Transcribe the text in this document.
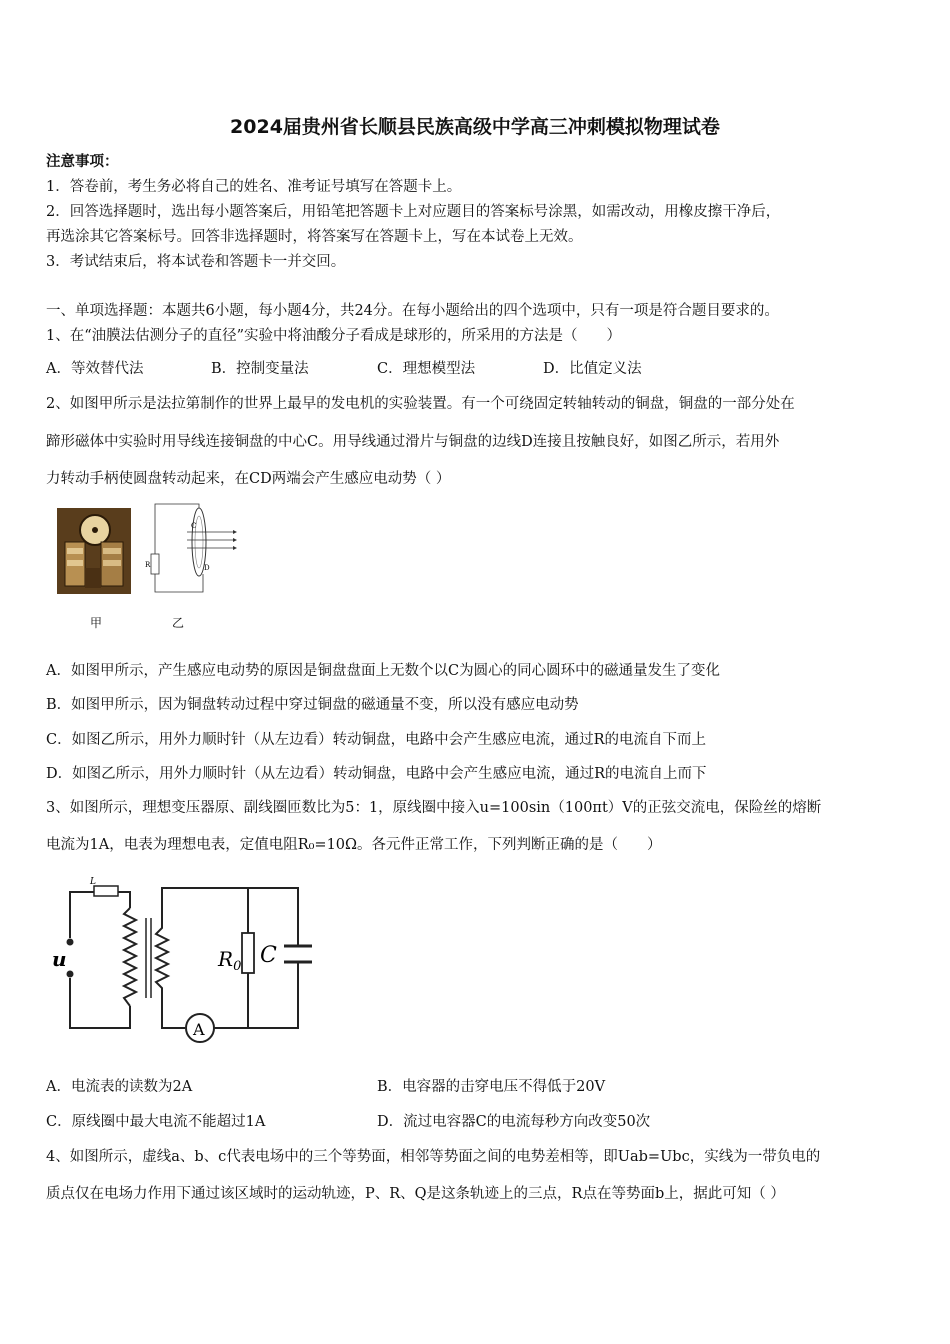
2024届贵州省长顺县民族高级中学高三冲刺模拟物理试卷
注意事项：
1．答卷前，考生务必将自己的姓名、准考证号填写在答题卡上。
2．回答选择题时，选出每小题答案后，用铅笔把答题卡上对应题目的答案标号涂黑，如需改动，用橡皮擦干净后，
再选涂其它答案标号。回答非选择题时，将答案写在答题卡上，写在本试卷上无效。
3．考试结束后，将本试卷和答题卡一并交回。
一、单项选择题：本题共6小题，每小题4分，共24分。在每小题给出的四个选项中，只有一项是符合题目要求的。
1、在“油膜法估测分子的直径”实验中将油酸分子看成是球形的，所采用的方法是（　　）
A．等效替代法	B．控制变量法	C．理想模型法	D．比值定义法
2、如图甲所示是法拉第制作的世界上最早的发电机的实验装置。有一个可绕固定转轴转动的铜盘，铜盘的一部分处在
蹄形磁体中实验时用导线连接铜盘的中心C。用导线通过滑片与铜盘的边线D连接且按触良好，如图乙所示，若用外
力转动手柄使圆盘转动起来，在CD两端会产生感应电动势（ ）
甲
C
D
R
乙
A．如图甲所示，产生感应电动势的原因是铜盘盘面上无数个以C为圆心的同心圆环中的磁通量发生了变化
B．如图甲所示，因为铜盘转动过程中穿过铜盘的磁通量不变，所以没有感应电动势
C．如图乙所示，用外力顺时针（从左边看）转动铜盘，电路中会产生感应电流，通过R的电流自下而上
D．如图乙所示，用外力顺时针（从左边看）转动铜盘，电路中会产生感应电流，通过R的电流自上而下
3、如图所示，理想变压器原、副线圈匝数比为5：1，原线圈中接入u=100sin（100πt）V的正弦交流电，保险丝的熔断
电流为1A，电表为理想电表，定值电阻R₀=10Ω。各元件正常工作，下列判断正确的是（　　）
u
L
$R_0$ C
A
A．电流表的读数为2A	B．电容器的击穿电压不得低于20V
C．原线圈中最大电流不能超过1A	D．流过电容器C的电流每秒方向改变50次
4、如图所示，虚线a、b、c代表电场中的三个等势面，相邻等势面之间的电势差相等，即Uab=Ubc，实线为一带负电的
质点仅在电场力作用下通过该区域时的运动轨迹，P、R、Q是这条轨迹上的三点，R点在等势面b上，据此可知（ ）
